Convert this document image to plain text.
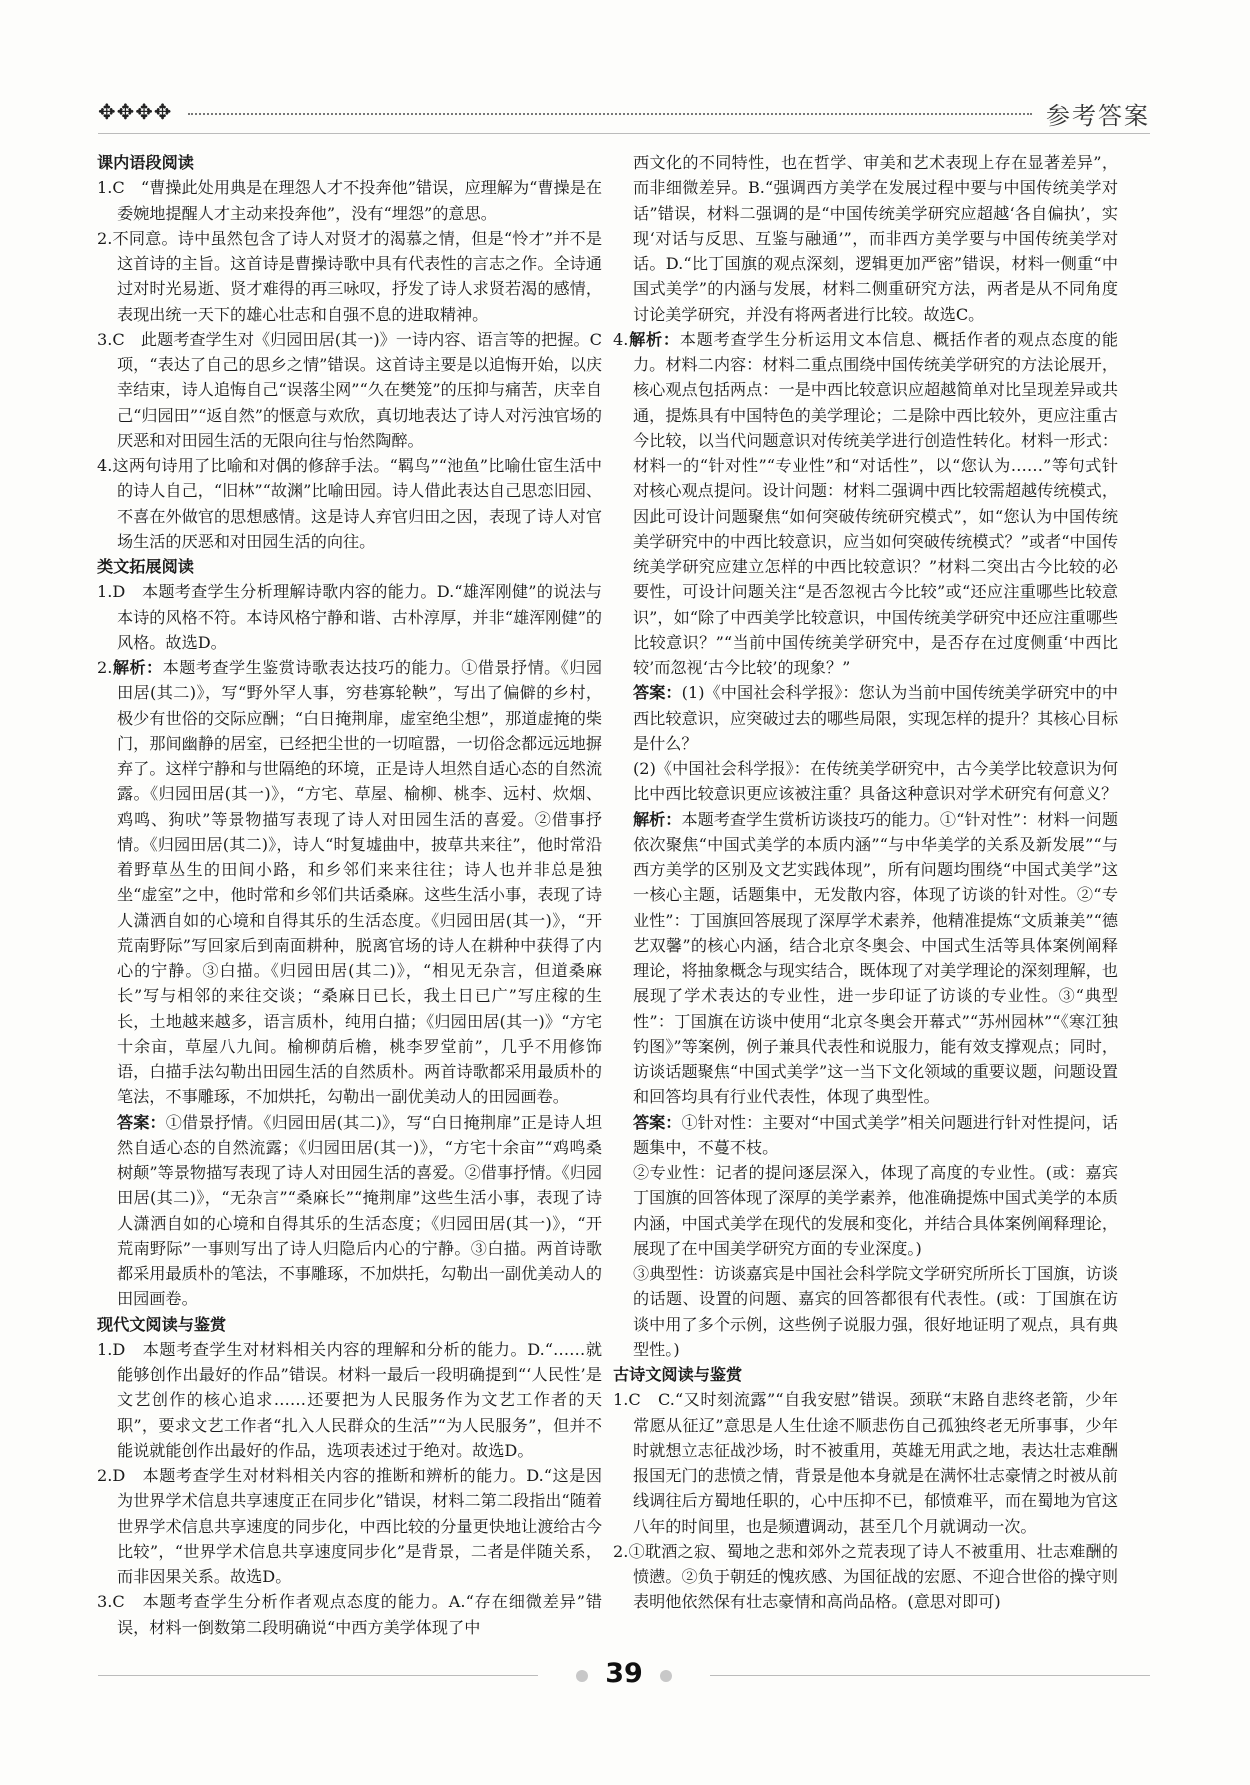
✥✥✥✥	参考答案

课内语段阅读

1.C　“曹操此处用典是在理怨人才不投奔他”错误，应理解为“曹操是在委婉地提醒人才主动来投奔他”，没有“埋怨”的意思。

2.不同意。诗中虽然包含了诗人对贤才的渴慕之情，但是“怜才”并不是这首诗的主旨。这首诗是曹操诗歌中具有代表性的言志之作。全诗通过对时光易逝、贤才难得的再三咏叹，抒发了诗人求贤若渴的感情，表现出统一天下的雄心壮志和自强不息的进取精神。

3.C　此题考查学生对《归园田居(其一)》一诗内容、语言等的把握。C项，“表达了自己的思乡之情”错误。这首诗主要是以追悔开始，以庆幸结束，诗人追悔自己“误落尘网”“久在樊笼”的压抑与痛苦，庆幸自己“归园田”“返自然”的惬意与欢欣，真切地表达了诗人对污浊官场的厌恶和对田园生活的无限向往与怡然陶醉。

4.这两句诗用了比喻和对偶的修辞手法。“羁鸟”“池鱼”比喻仕宦生活中的诗人自己，“旧林”“故渊”比喻田园。诗人借此表达自己思恋旧园、不喜在外做官的思想感情。这是诗人弃官归田之因，表现了诗人对官场生活的厌恶和对田园生活的向往。

类文拓展阅读

1.D　本题考查学生分析理解诗歌内容的能力。D.“雄浑刚健”的说法与本诗的风格不符。本诗风格宁静和谐、古朴淳厚，并非“雄浑刚健”的风格。故选D。

2.解析：本题考查学生鉴赏诗歌表达技巧的能力。①借景抒情。《归园田居(其二)》，写“野外罕人事，穷巷寡轮鞅”，写出了偏僻的乡村，极少有世俗的交际应酬；“白日掩荆扉，虚室绝尘想”，那道虚掩的柴门，那间幽静的居室，已经把尘世的一切喧嚣，一切俗念都远远地摒弃了。这样宁静和与世隔绝的环境，正是诗人坦然自适心态的自然流露。《归园田居(其一)》，“方宅、草屋、榆柳、桃李、远村、炊烟、鸡鸣、狗吠”等景物描写表现了诗人对田园生活的喜爱。②借事抒情。《归园田居(其二)》，诗人“时复墟曲中，披草共来往”，他时常沿着野草丛生的田间小路，和乡邻们来来往往；诗人也并非总是独坐“虚室”之中，他时常和乡邻们共话桑麻。这些生活小事，表现了诗人潇洒自如的心境和自得其乐的生活态度。《归园田居(其一)》，“开荒南野际”写回家后到南面耕种，脱离官场的诗人在耕种中获得了内心的宁静。③白描。《归园田居(其二)》，“相见无杂言，但道桑麻长”写与相邻的来往交谈；“桑麻日已长，我土日已广”写庄稼的生长，土地越来越多，语言质朴，纯用白描；《归园田居(其一)》“方宅十余亩，草屋八九间。榆柳荫后檐，桃李罗堂前”，几乎不用修饰语，白描手法勾勒出田园生活的自然质朴。两首诗歌都采用最质朴的笔法，不事雕琢，不加烘托，勾勒出一副优美动人的田园画卷。

答案：①借景抒情。《归园田居(其二)》，写“白日掩荆扉”正是诗人坦然自适心态的自然流露；《归园田居(其一)》，“方宅十余亩”“鸡鸣桑树颠”等景物描写表现了诗人对田园生活的喜爱。②借事抒情。《归园田居(其二)》，“无杂言”“桑麻长”“掩荆扉”这些生活小事，表现了诗人潇洒自如的心境和自得其乐的生活态度；《归园田居(其一)》，“开荒南野际”一事则写出了诗人归隐后内心的宁静。③白描。两首诗歌都采用最质朴的笔法，不事雕琢，不加烘托，勾勒出一副优美动人的田园画卷。

现代文阅读与鉴赏

1.D　本题考查学生对材料相关内容的理解和分析的能力。D.“……就能够创作出最好的作品”错误。材料一最后一段明确提到“‘人民性’是文艺创作的核心追求……还要把为人民服务作为文艺工作者的天职”，要求文艺工作者“扎入人民群众的生活”“为人民服务”，但并不能说就能创作出最好的作品，选项表述过于绝对。故选D。

2.D　本题考查学生对材料相关内容的推断和辨析的能力。D.“这是因为世界学术信息共享速度正在同步化”错误，材料二第二段指出“随着世界学术信息共享速度的同步化，中西比较的分量更快地让渡给古今比较”，“世界学术信息共享速度同步化”是背景，二者是伴随关系，而非因果关系。故选D。

3.C　本题考查学生分析作者观点态度的能力。A.“存在细微差异”错误，材料一倒数第二段明确说“中西方美学体现了中

西文化的不同特性，也在哲学、审美和艺术表现上存在显著差异”，而非细微差异。B.“强调西方美学在发展过程中要与中国传统美学对话”错误，材料二强调的是“中国传统美学研究应超越‘各自偏执’，实现‘对话与反思、互鉴与融通’”，而非西方美学要与中国传统美学对话。D.“比丁国旗的观点深刻，逻辑更加严密”错误，材料一侧重“中国式美学”的内涵与发展，材料二侧重研究方法，两者是从不同角度讨论美学研究，并没有将两者进行比较。故选C。

4.解析：本题考查学生分析运用文本信息、概括作者的观点态度的能力。材料二内容：材料二重点围绕中国传统美学研究的方法论展开，核心观点包括两点：一是中西比较意识应超越简单对比呈现差异或共通，提炼具有中国特色的美学理论；二是除中西比较外，更应注重古今比较，以当代问题意识对传统美学进行创造性转化。材料一形式：材料一的“针对性”“专业性”和“对话性”，以“您认为……”等句式针对核心观点提问。设计问题：材料二强调中西比较需超越传统模式，因此可设计问题聚焦“如何突破传统研究模式”，如“您认为中国传统美学研究中的中西比较意识，应当如何突破传统模式？”或者“中国传统美学研究应建立怎样的中西比较意识？”材料二突出古今比较的必要性，可设计问题关注“是否忽视古今比较”或“还应注重哪些比较意识”，如“除了中西美学比较意识，中国传统美学研究中还应注重哪些比较意识？”“当前中国传统美学研究中，是否存在过度侧重‘中西比较’而忽视‘古今比较’的现象？”

答案：(1)《中国社会科学报》：您认为当前中国传统美学研究中的中西比较意识，应突破过去的哪些局限，实现怎样的提升？其核心目标是什么？

(2)《中国社会科学报》：在传统美学研究中，古今美学比较意识为何比中西比较意识更应该被注重？具备这种意识对学术研究有何意义？

解析：本题考查学生赏析访谈技巧的能力。①“针对性”：材料一问题依次聚焦“中国式美学的本质内涵”“与中华美学的关系及新发展”“与西方美学的区别及文艺实践体现”，所有问题均围绕“中国式美学”这一核心主题，话题集中，无发散内容，体现了访谈的针对性。②“专业性”：丁国旗回答展现了深厚学术素养，他精准提炼“文质兼美”“德艺双馨”的核心内涵，结合北京冬奥会、中国式生活等具体案例阐释理论，将抽象概念与现实结合，既体现了对美学理论的深刻理解，也展现了学术表达的专业性，进一步印证了访谈的专业性。③“典型性”：丁国旗在访谈中使用“北京冬奥会开幕式”“苏州园林”“《寒江独钓图》”等案例，例子兼具代表性和说服力，能有效支撑观点；同时，访谈话题聚焦“中国式美学”这一当下文化领域的重要议题，问题设置和回答均具有行业代表性，体现了典型性。

答案：①针对性：主要对“中国式美学”相关问题进行针对性提问，话题集中，不蔓不枝。

②专业性：记者的提问逐层深入，体现了高度的专业性。(或：嘉宾丁国旗的回答体现了深厚的美学素养，他准确提炼中国式美学的本质内涵，中国式美学在现代的发展和变化，并结合具体案例阐释理论，展现了在中国美学研究方面的专业深度。)

③典型性：访谈嘉宾是中国社会科学院文学研究所所长丁国旗，访谈的话题、设置的问题、嘉宾的回答都很有代表性。(或：丁国旗在访谈中用了多个示例，这些例子说服力强，很好地证明了观点，具有典型性。)

古诗文阅读与鉴赏

1.C　C.“又时刻流露”“自我安慰”错误。颈联“末路自悲终老箭，少年常愿从征辽”意思是人生仕途不顺悲伤自己孤独终老无所事事，少年时就想立志征战沙场，时不被重用，英雄无用武之地，表达壮志难酬报国无门的悲愤之情，背景是他本身就是在满怀壮志豪情之时被从前线调往后方蜀地任职的，心中压抑不已，郁愤难平，而在蜀地为官这八年的时间里，也是频遭调动，甚至几个月就调动一次。

2.①耽酒之寂、蜀地之悲和郊外之荒表现了诗人不被重用、壮志难酬的愤懑。②负于朝廷的愧疚感、为国征战的宏愿、不迎合世俗的操守则表明他依然保有壮志豪情和高尚品格。(意思对即可)

39
